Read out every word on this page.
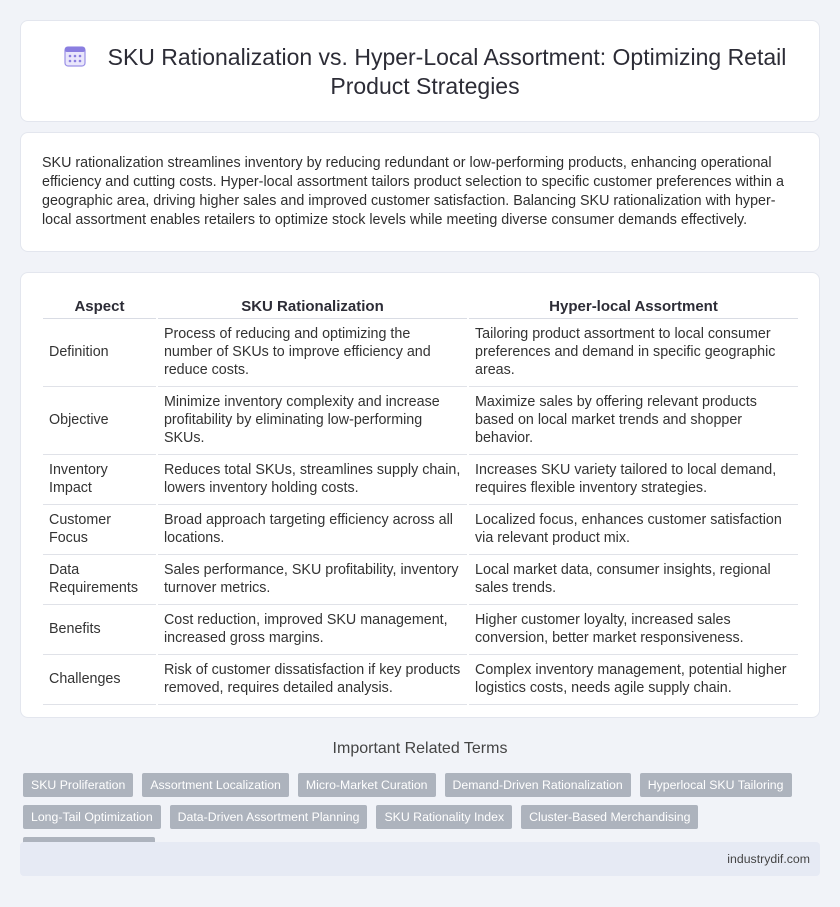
SKU Rationalization vs. Hyper-Local Assortment: Optimizing Retail Product Strategies

SKU rationalization streamlines inventory by reducing redundant or low-performing products, enhancing operational efficiency and cutting costs. Hyper-local assortment tailors product selection to specific customer preferences within a geographic area, driving higher sales and improved customer satisfaction. Balancing SKU rationalization with hyper-local assortment enables retailers to optimize stock levels while meeting diverse consumer demands effectively.

Aspect	SKU Rationalization	Hyper-local Assortment
Definition	Process of reducing and optimizing the number of SKUs to improve efficiency and reduce costs.	Tailoring product assortment to local consumer preferences and demand in specific geographic areas.
Objective	Minimize inventory complexity and increase profitability by eliminating low-performing SKUs.	Maximize sales by offering relevant products based on local market trends and shopper behavior.
Inventory Impact	Reduces total SKUs, streamlines supply chain, lowers inventory holding costs.	Increases SKU variety tailored to local demand, requires flexible inventory strategies.
Customer Focus	Broad approach targeting efficiency across all locations.	Localized focus, enhances customer satisfaction via relevant product mix.
Data Requirements	Sales performance, SKU profitability, inventory turnover metrics.	Local market data, consumer insights, regional sales trends.
Benefits	Cost reduction, improved SKU management, increased gross margins.	Higher customer loyalty, increased sales conversion, better market responsiveness.
Challenges	Risk of customer dissatisfaction if key products removed, requires detailed analysis.	Complex inventory management, potential higher logistics costs, needs agile supply chain.
Important Related Terms
SKU Proliferation Assortment Localization Micro-Market Curation Demand-Driven Rationalization Hyperlocal SKU Tailoring
Long-Tail Optimization Data-Driven Assortment Planning SKU Rationality Index Cluster-Based Merchandising
industrydif.com
